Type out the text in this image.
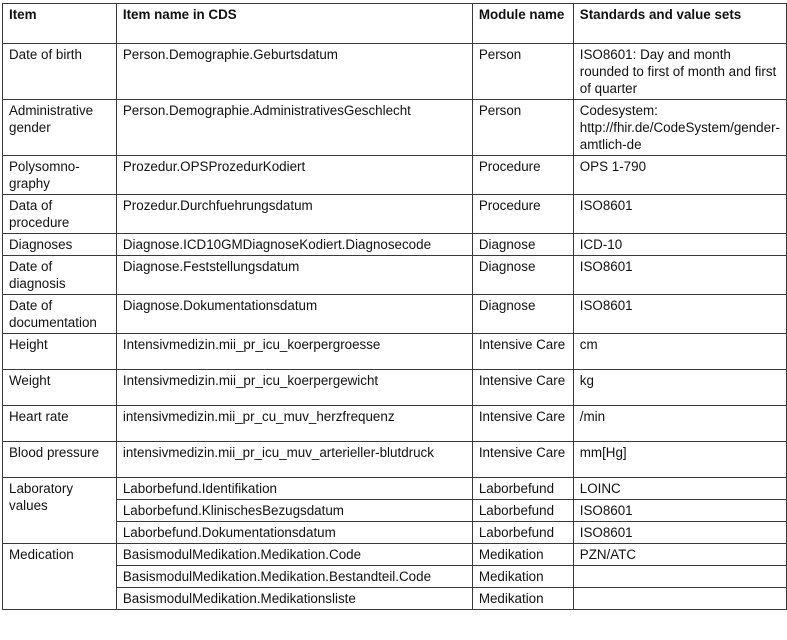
Item	Item name in CDS	Module name	Standards and value sets
Date of birth	Person.Demographie.Geburtsdatum	Person	ISO8601: Day and month rounded to first of month and first of quarter
Administrative gender	Person.Demographie.AdministrativesGeschlecht	Person	Codesystem: http://fhir.de/CodeSystem/gender-amtlich-de
Polysomno-graphy	Prozedur.OPSProzedurKodiert	Procedure	OPS 1-790
Data of procedure	Prozedur.Durchfuehrungsdatum	Procedure	ISO8601
Diagnoses	Diagnose.ICD10GMDiagnoseKodiert.Diagnosecode	Diagnose	ICD-10
Date of diagnosis	Diagnose.Feststellungsdatum	Diagnose	ISO8601
Date of documentation	Diagnose.Dokumentationsdatum	Diagnose	ISO8601
Height	Intensivmedizin.mii_pr_icu_koerpergroesse	Intensive Care	cm
Weight	Intensivmedizin.mii_pr_icu_koerpergewicht	Intensive Care	kg
Heart rate	intensivmedizin.mii_pr_cu_muv_herzfrequenz	Intensive Care	/min
Blood pressure	intensivmedizin.mii_pr_icu_muv_arterieller-blutdruck	Intensive Care	mm[Hg]
Laboratory values	Laborbefund.Identifikation	Laborbefund	LOINC
	Laborbefund.KlinischesBezugsdatum	Laborbefund	ISO8601
	Laborbefund.Dokumentationsdatum	Laborbefund	ISO8601
Medication	BasismodulMedikation.Medikation.Code	Medikation	PZN/ATC
	BasismodulMedikation.Medikation.Bestandteil.Code	Medikation	
	BasismodulMedikation.Medikationsliste	Medikation	
